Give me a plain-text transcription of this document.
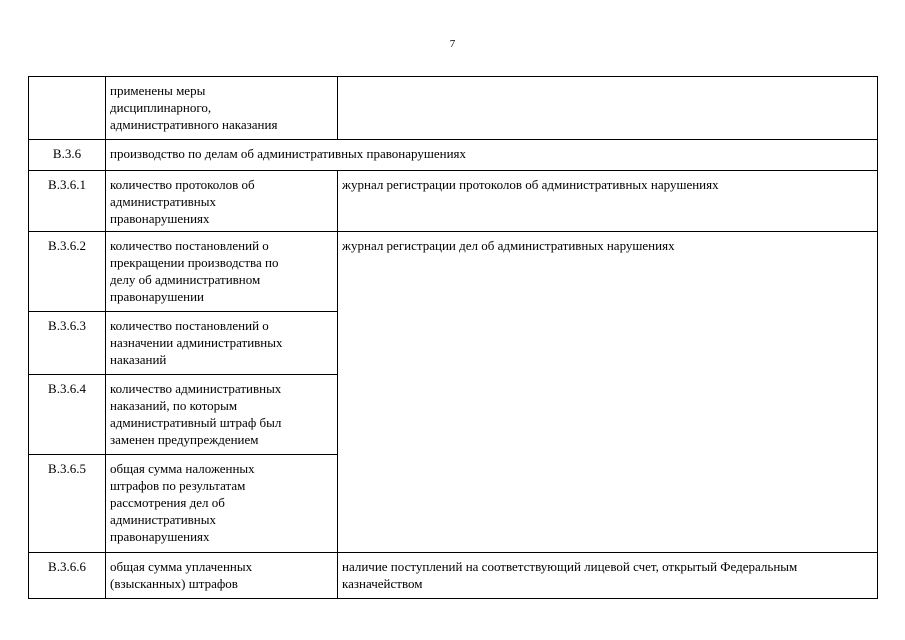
7

	применены меры
дисциплинарного,
административного наказания	

В.3.6	производство по делам об административных правонарушениях	
В.3.6.1	количество протоколов об
административных
правонарушениях	журнал регистрации протоколов об административных нарушениях
В.3.6.2	количество постановлений о
прекращении производства по
делу об административном
правонарушении	журнал регистрации дел об административных нарушениях
В.3.6.3	количество постановлений о
назначении административных
наказаний	

В.3.6.4	количество административных
наказаний, по которым
административный штраф был
заменен предупреждением	

В.3.6.5	общая сумма наложенных
штрафов по результатам
рассмотрения дел об
административных
правонарушениях	

В.3.6.6	общая сумма уплаченных
(взысканных) штрафов	наличие поступлений на соответствующий лицевой счет, открытый Федеральным
казначейством
